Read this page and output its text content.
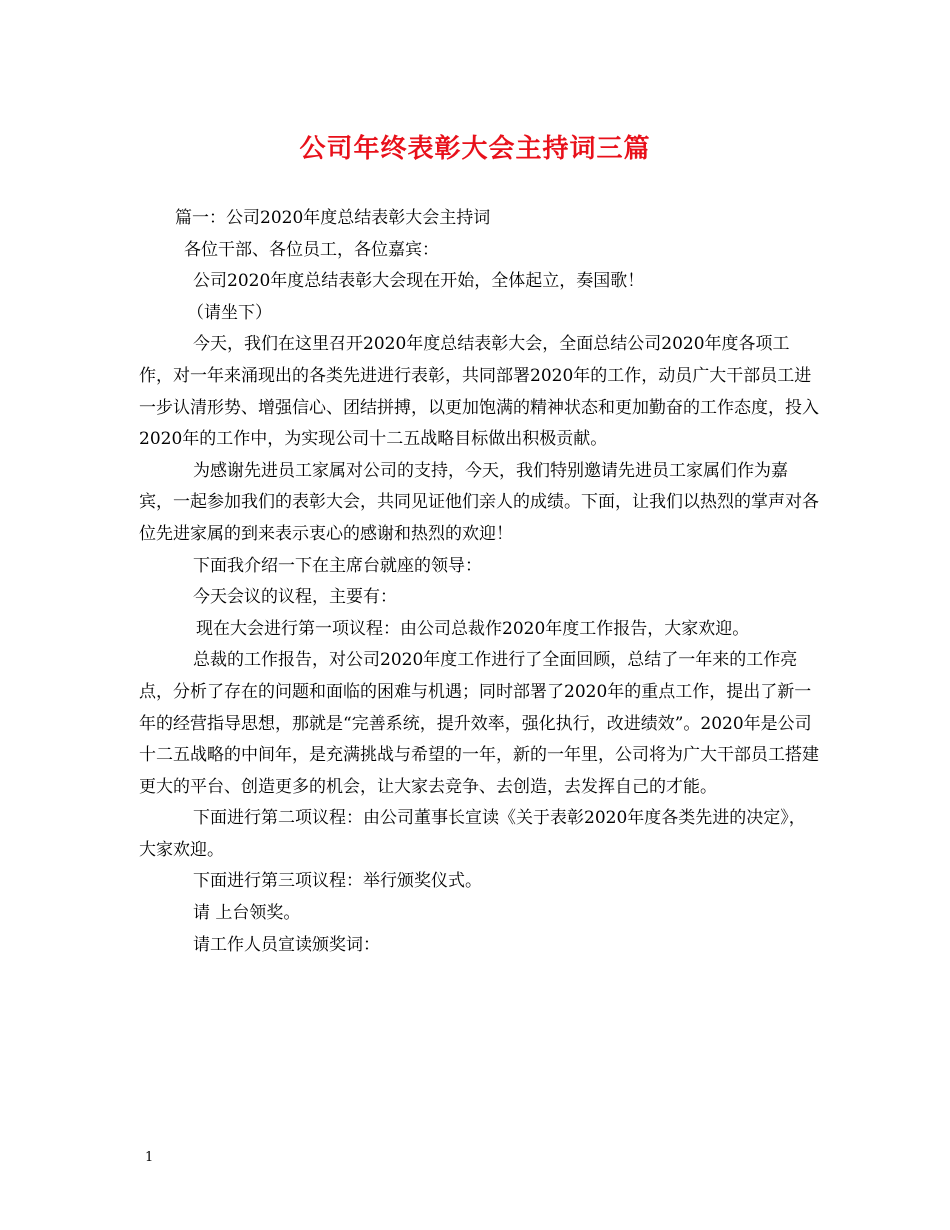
公司年终表彰大会主持词三篇

篇一：公司2020年度总结表彰大会主持词

各位干部、各位员工，各位嘉宾：

公司2020年度总结表彰大会现在开始，全体起立，奏国歌！

（请坐下）

今天，我们在这里召开2020年度总结表彰大会，全面总结公司2020年度各项工作，对一年来涌现出的各类先进进行表彰，共同部署2020年的工作，动员广大干部员工进一步认清形势、增强信心、团结拼搏，以更加饱满的精神状态和更加勤奋的工作态度，投入2020年的工作中，为实现公司十二五战略目标做出积极贡献。

为感谢先进员工家属对公司的支持，今天，我们特别邀请先进员工家属们作为嘉宾，一起参加我们的表彰大会，共同见证他们亲人的成绩。下面，让我们以热烈的掌声对各位先进家属的到来表示衷心的感谢和热烈的欢迎！

下面我介绍一下在主席台就座的领导：

今天会议的议程，主要有：

现在大会进行第一项议程：由公司总裁作2020年度工作报告，大家欢迎。

总裁的工作报告，对公司2020年度工作进行了全面回顾，总结了一年来的工作亮点，分析了存在的问题和面临的困难与机遇；同时部署了2020年的重点工作，提出了新一年的经营指导思想，那就是“完善系统，提升效率，强化执行，改进绩效”。2020年是公司十二五战略的中间年，是充满挑战与希望的一年，新的一年里，公司将为广大干部员工搭建更大的平台、创造更多的机会，让大家去竞争、去创造，去发挥自己的才能。

下面进行第二项议程：由公司董事长宣读《关于表彰2020年度各类先进的决定》，大家欢迎。

下面进行第三项议程：举行颁奖仪式。

请 上台领奖。

请工作人员宣读颁奖词：

1
